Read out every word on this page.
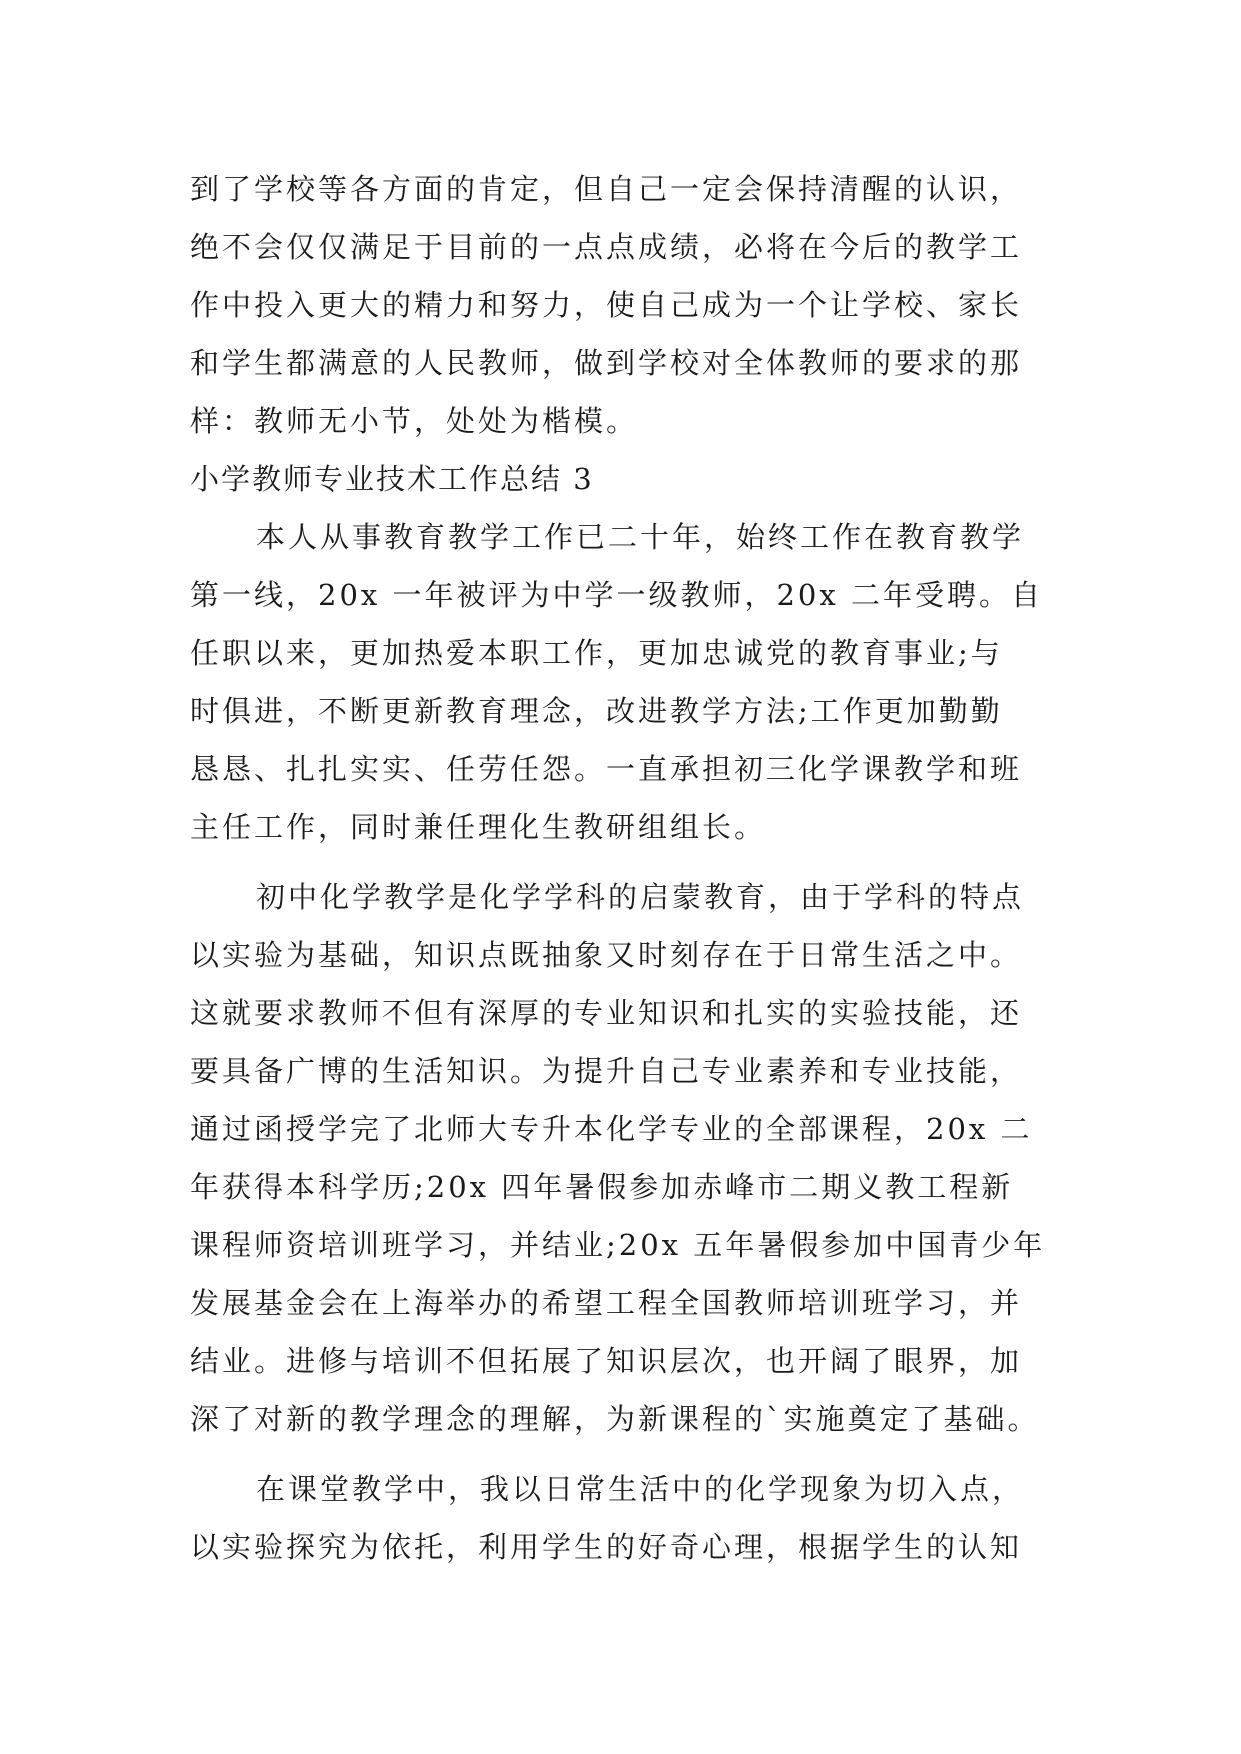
到了学校等各方面的肯定，但自己一定会保持清醒的认识，
绝不会仅仅满足于目前的一点点成绩，必将在今后的教学工
作中投入更大的精力和努力，使自己成为一个让学校、家长
和学生都满意的人民教师，做到学校对全体教师的要求的那
样：教师无小节，处处为楷模。
小学教师专业技术工作总结 3
本人从事教育教学工作已二十年，始终工作在教育教学
第一线，20x 一年被评为中学一级教师，20x 二年受聘。自
任职以来，更加热爱本职工作，更加忠诚党的教育事业;与
时俱进，不断更新教育理念，改进教学方法;工作更加勤勤
恳恳、扎扎实实、任劳任怨。一直承担初三化学课教学和班
主任工作，同时兼任理化生教研组组长。
初中化学教学是化学学科的启蒙教育，由于学科的特点
以实验为基础，知识点既抽象又时刻存在于日常生活之中。
这就要求教师不但有深厚的专业知识和扎实的实验技能，还
要具备广博的生活知识。为提升自己专业素养和专业技能，
通过函授学完了北师大专升本化学专业的全部课程，20x 二
年获得本科学历;20x 四年暑假参加赤峰市二期义教工程新
课程师资培训班学习，并结业;20x 五年暑假参加中国青少年
发展基金会在上海举办的希望工程全国教师培训班学习，并
结业。进修与培训不但拓展了知识层次，也开阔了眼界，加
深了对新的教学理念的理解，为新课程的`实施奠定了基础。
在课堂教学中，我以日常生活中的化学现象为切入点，
以实验探究为依托，利用学生的好奇心理，根据学生的认知
